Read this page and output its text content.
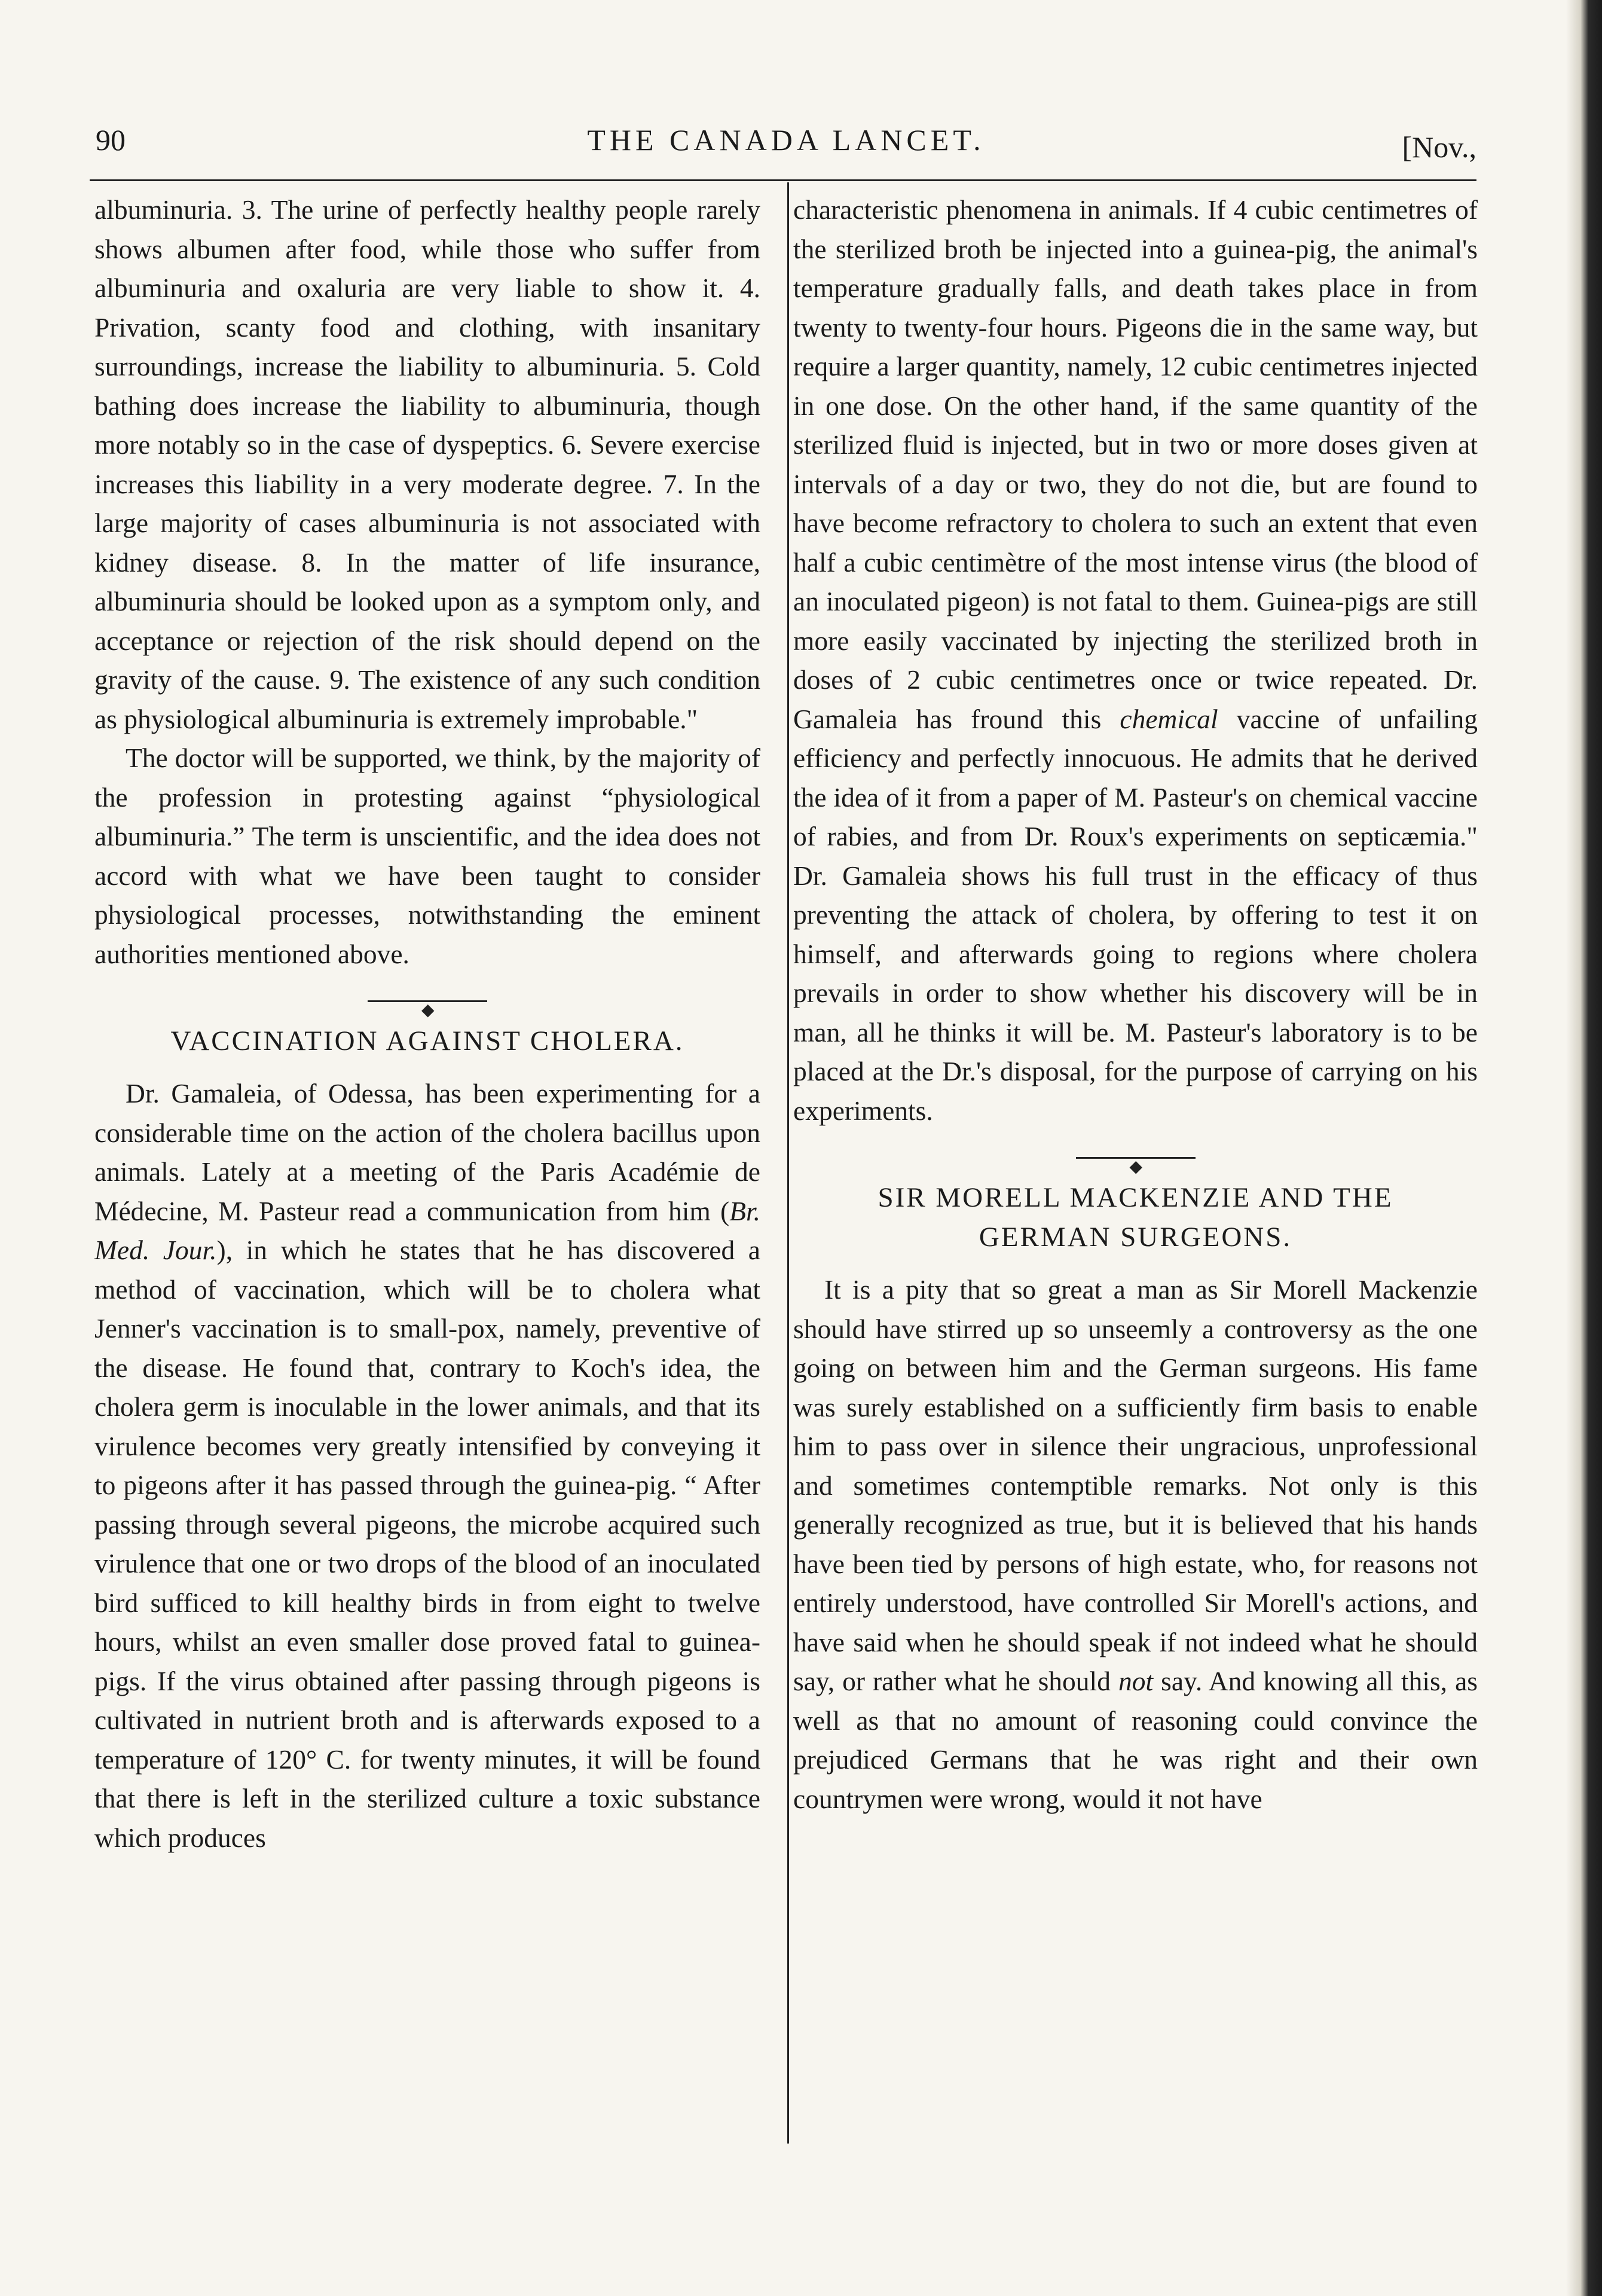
90	THE CANADA LANCET.	[Nov.,

albuminuria. 3. The urine of perfectly healthy people rarely shows albumen after food, while those who suffer from albuminuria and oxaluria are very liable to show it. 4. Privation, scanty food and clothing, with insanitary surroundings, increase the liability to albuminuria. 5. Cold bathing does increase the liability to albuminuria, though more notably so in the case of dyspeptics. 6. Severe exercise increases this liability in a very moderate degree. 7. In the large majority of cases albuminuria is not associated with kidney disease. 8. In the matter of life insurance, albuminuria should be looked upon as a symptom only, and acceptance or rejection of the risk should depend on the gravity of the cause. 9. The existence of any such condition as physiological albuminuria is extremely improbable."

The doctor will be supported, we think, by the majority of the profession in protesting against “physiological albuminuria.” The term is unscientific, and the idea does not accord with what we have been taught to consider physiological processes, notwithstanding the eminent authorities mentioned above.

◆
VACCINATION AGAINST CHOLERA.

Dr. Gamaleia, of Odessa, has been experimenting for a considerable time on the action of the cholera bacillus upon animals. Lately at a meeting of the Paris Académie de Médecine, M. Pasteur read a communication from him (Br. Med. Jour.), in which he states that he has discovered a method of vaccination, which will be to cholera what Jenner's vaccination is to small-pox, namely, preventive of the disease. He found that, contrary to Koch's idea, the cholera germ is inoculable in the lower animals, and that its virulence becomes very greatly intensified by conveying it to pigeons after it has passed through the guinea-pig. “ After passing through several pigeons, the microbe acquired such virulence that one or two drops of the blood of an inoculated bird sufficed to kill healthy birds in from eight to twelve hours, whilst an even smaller dose proved fatal to guinea-pigs. If the virus obtained after passing through pigeons is cultivated in nutrient broth and is afterwards exposed to a temperature of 120° C. for twenty minutes, it will be found that there is left in the sterilized culture a toxic substance which produces

characteristic phenomena in animals. If 4 cubic centimetres of the sterilized broth be injected into a guinea-pig, the animal's temperature gradually falls, and death takes place in from twenty to twenty-four hours. Pigeons die in the same way, but require a larger quantity, namely, 12 cubic centimetres injected in one dose. On the other hand, if the same quantity of the sterilized fluid is injected, but in two or more doses given at intervals of a day or two, they do not die, but are found to have become refractory to cholera to such an extent that even half a cubic centimètre of the most intense virus (the blood of an inoculated pigeon) is not fatal to them. Guinea-pigs are still more easily vaccinated by injecting the sterilized broth in doses of 2 cubic centimetres once or twice repeated. Dr. Gamaleia has fround this chemical vaccine of unfailing efficiency and perfectly innocuous. He admits that he derived the idea of it from a paper of M. Pasteur's on chemical vaccine of rabies, and from Dr. Roux's experiments on septicæmia." Dr. Gamaleia shows his full trust in the efficacy of thus preventing the attack of cholera, by offering to test it on himself, and afterwards going to regions where cholera prevails in order to show whether his discovery will be in man, all he thinks it will be. M. Pasteur's laboratory is to be placed at the Dr.'s disposal, for the purpose of carrying on his experiments.

◆
SIR MORELL MACKENZIE AND THE
GERMAN SURGEONS.

It is a pity that so great a man as Sir Morell Mackenzie should have stirred up so unseemly a controversy as the one going on between him and the German surgeons. His fame was surely established on a sufficiently firm basis to enable him to pass over in silence their ungracious, unprofessional and sometimes contemptible remarks. Not only is this generally recognized as true, but it is believed that his hands have been tied by persons of high estate, who, for reasons not entirely understood, have controlled Sir Morell's actions, and have said when he should speak if not indeed what he should say, or rather what he should not say. And knowing all this, as well as that no amount of reasoning could convince the prejudiced Germans that he was right and their own countrymen were wrong, would it not have
